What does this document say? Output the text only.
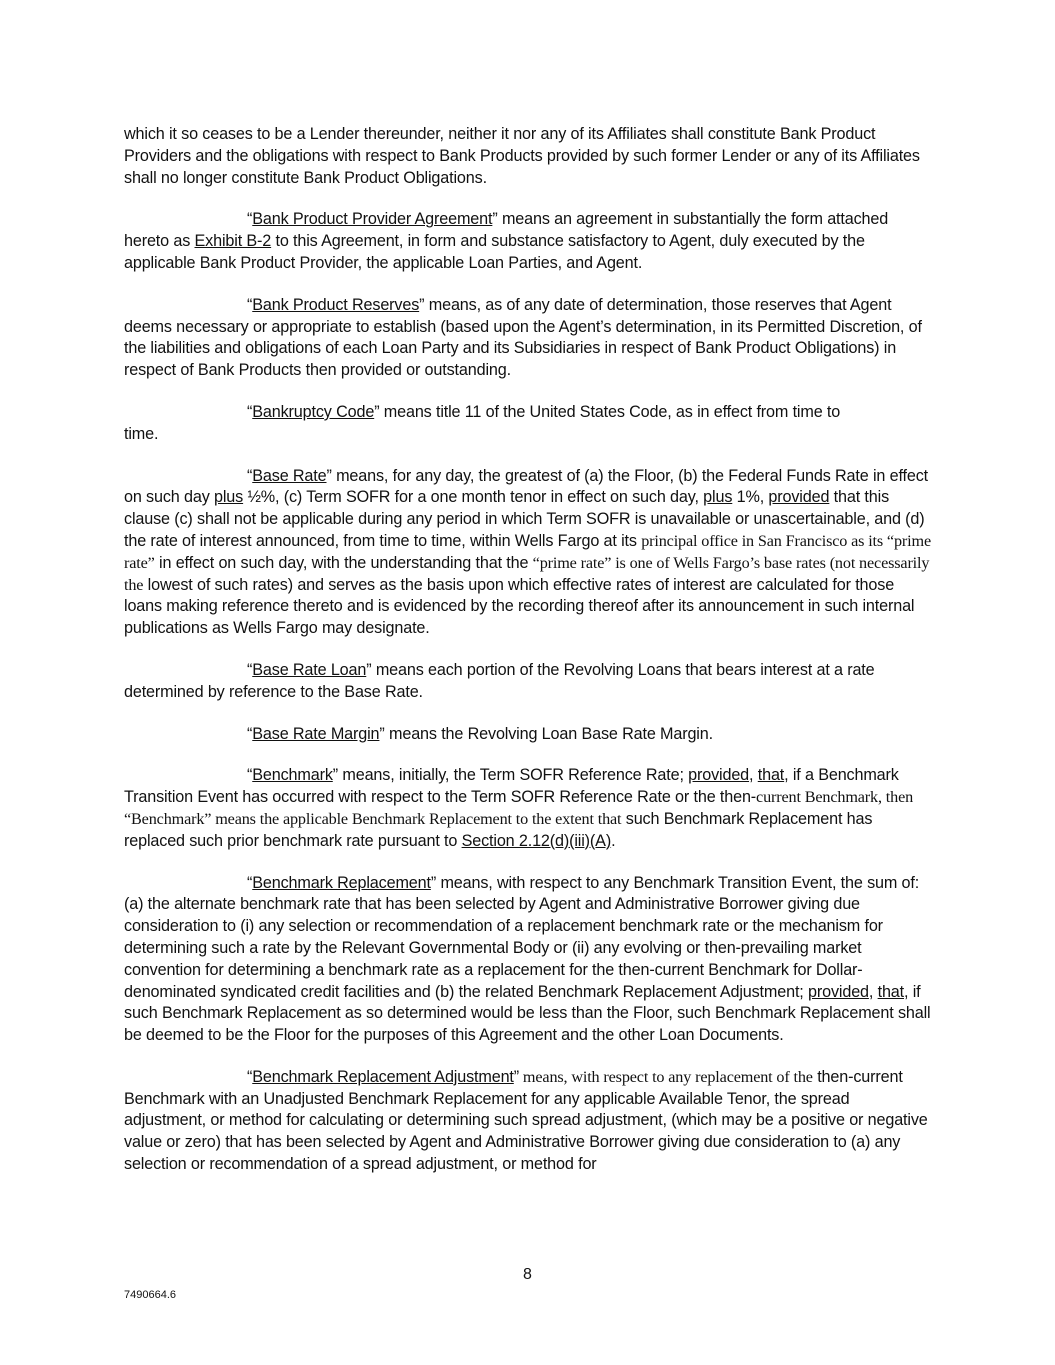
which it so ceases to be a Lender thereunder, neither it nor any of its Affiliates shall constitute Bank Product Providers and the obligations with respect to Bank Products provided by such former Lender or any of its Affiliates shall no longer constitute Bank Product Obligations.

“Bank Product Provider Agreement” means an agreement in substantially the form attached hereto as Exhibit B-2 to this Agreement, in form and substance satisfactory to Agent, duly executed by the applicable Bank Product Provider, the applicable Loan Parties, and Agent.

“Bank Product Reserves” means, as of any date of determination, those reserves that Agent deems necessary or appropriate to establish (based upon the Agent’s determination, in its Permitted Discretion, of the liabilities and obligations of each Loan Party and its Subsidiaries in respect of Bank Product Obligations) in respect of Bank Products then provided or outstanding.

“Bankruptcy Code” means title 11 of the United States Code, as in effect from time to
time.

“Base Rate” means, for any day, the greatest of (a) the Floor, (b) the Federal Funds Rate in effect on such day plus ½%, (c) Term SOFR for a one month tenor in effect on such day, plus 1%, provided that this clause (c) shall not be applicable during any period in which Term SOFR is unavailable or unascertainable, and (d) the rate of interest announced, from time to time, within Wells Fargo at its principal office in San Francisco as its “prime rate” in effect on such day, with the understanding that the “prime rate” is one of Wells Fargo’s base rates (not necessarily the lowest of such rates) and serves as the basis upon which effective rates of interest are calculated for those loans making reference thereto and is evidenced by the recording thereof after its announcement in such internal publications as Wells Fargo may designate.

“Base Rate Loan” means each portion of the Revolving Loans that bears interest at a rate determined by reference to the Base Rate.

“Base Rate Margin” means the Revolving Loan Base Rate Margin.

“Benchmark” means, initially, the Term SOFR Reference Rate; provided, that, if a Benchmark Transition Event has occurred with respect to the Term SOFR Reference Rate or the then-current Benchmark, then “Benchmark” means the applicable Benchmark Replacement to the extent that such Benchmark Replacement has replaced such prior benchmark rate pursuant to Section 2.12(d)(iii)(A).

“Benchmark Replacement” means, with respect to any Benchmark Transition Event, the sum of: (a) the alternate benchmark rate that has been selected by Agent and Administrative Borrower giving due consideration to (i) any selection or recommendation of a replacement benchmark rate or the mechanism for determining such a rate by the Relevant Governmental Body or (ii) any evolving or then-prevailing market convention for determining a benchmark rate as a replacement for the then-current Benchmark for Dollar-denominated syndicated credit facilities and (b) the related Benchmark Replacement Adjustment; provided, that, if such Benchmark Replacement as so determined would be less than the Floor, such Benchmark Replacement shall be deemed to be the Floor for the purposes of this Agreement and the other Loan Documents.

“Benchmark Replacement Adjustment” means, with respect to any replacement of the then-current Benchmark with an Unadjusted Benchmark Replacement for any applicable Available Tenor, the spread adjustment, or method for calculating or determining such spread adjustment, (which may be a positive or negative value or zero) that has been selected by Agent and Administrative Borrower giving due consideration to (a) any selection or recommendation of a spread adjustment, or method for

8
7490664.6
